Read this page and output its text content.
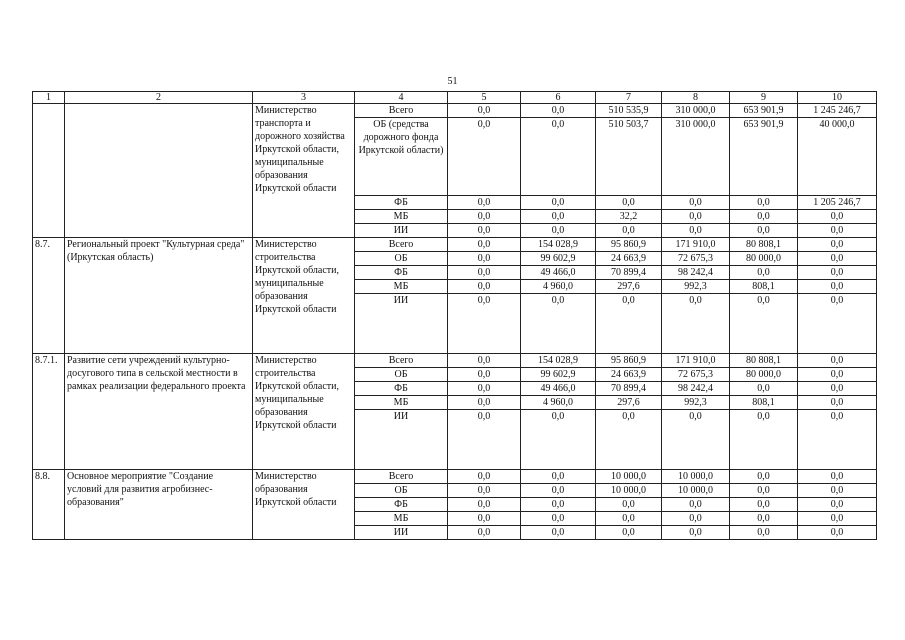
51
1	2	3	4	5	6	7	8	9	10
		Министерство транспорта и дорожного хозяйства Иркутской области, муниципальные образования Иркутской области	Всего	0,0	0,0	510 535,9	310 000,0	653 901,9	1 245 246,7
			ОБ (средства дорожного фонда Иркутской области)	0,0	0,0	510 503,7	310 000,0	653 901,9	40 000,0
			ФБ	0,0	0,0	0,0	0,0	0,0	1 205 246,7
			МБ	0,0	0,0	32,2	0,0	0,0	0,0
			ИИ	0,0	0,0	0,0	0,0	0,0	0,0
8.7.	Региональный проект "Культурная среда" (Иркутская область)	Министерство строительства Иркутской области, муниципальные образования Иркутской области	Всего	0,0	154 028,9	95 860,9	171 910,0	80 808,1	0,0
			ОБ	0,0	99 602,9	24 663,9	72 675,3	80 000,0	0,0
			ФБ	0,0	49 466,0	70 899,4	98 242,4	0,0	0,0
			МБ	0,0	4 960,0	297,6	992,3	808,1	0,0
			ИИ	0,0	0,0	0,0	0,0	0,0	0,0
8.7.1.	Развитие сети учреждений культурно-досугового типа в сельской местности в рамках реализации федерального проекта	Министерство строительства Иркутской области, муниципальные образования Иркутской области	Всего	0,0	154 028,9	95 860,9	171 910,0	80 808,1	0,0
			ОБ	0,0	99 602,9	24 663,9	72 675,3	80 000,0	0,0
			ФБ	0,0	49 466,0	70 899,4	98 242,4	0,0	0,0
			МБ	0,0	4 960,0	297,6	992,3	808,1	0,0
			ИИ	0,0	0,0	0,0	0,0	0,0	0,0
8.8.	Основное мероприятие "Создание условий для развития агробизнес-образования"	Министерство образования Иркутской области	Всего	0,0	0,0	10 000,0	10 000,0	0,0	0,0
			ОБ	0,0	0,0	10 000,0	10 000,0	0,0	0,0
			ФБ	0,0	0,0	0,0	0,0	0,0	0,0
			МБ	0,0	0,0	0,0	0,0	0,0	0,0
			ИИ	0,0	0,0	0,0	0,0	0,0	0,0
